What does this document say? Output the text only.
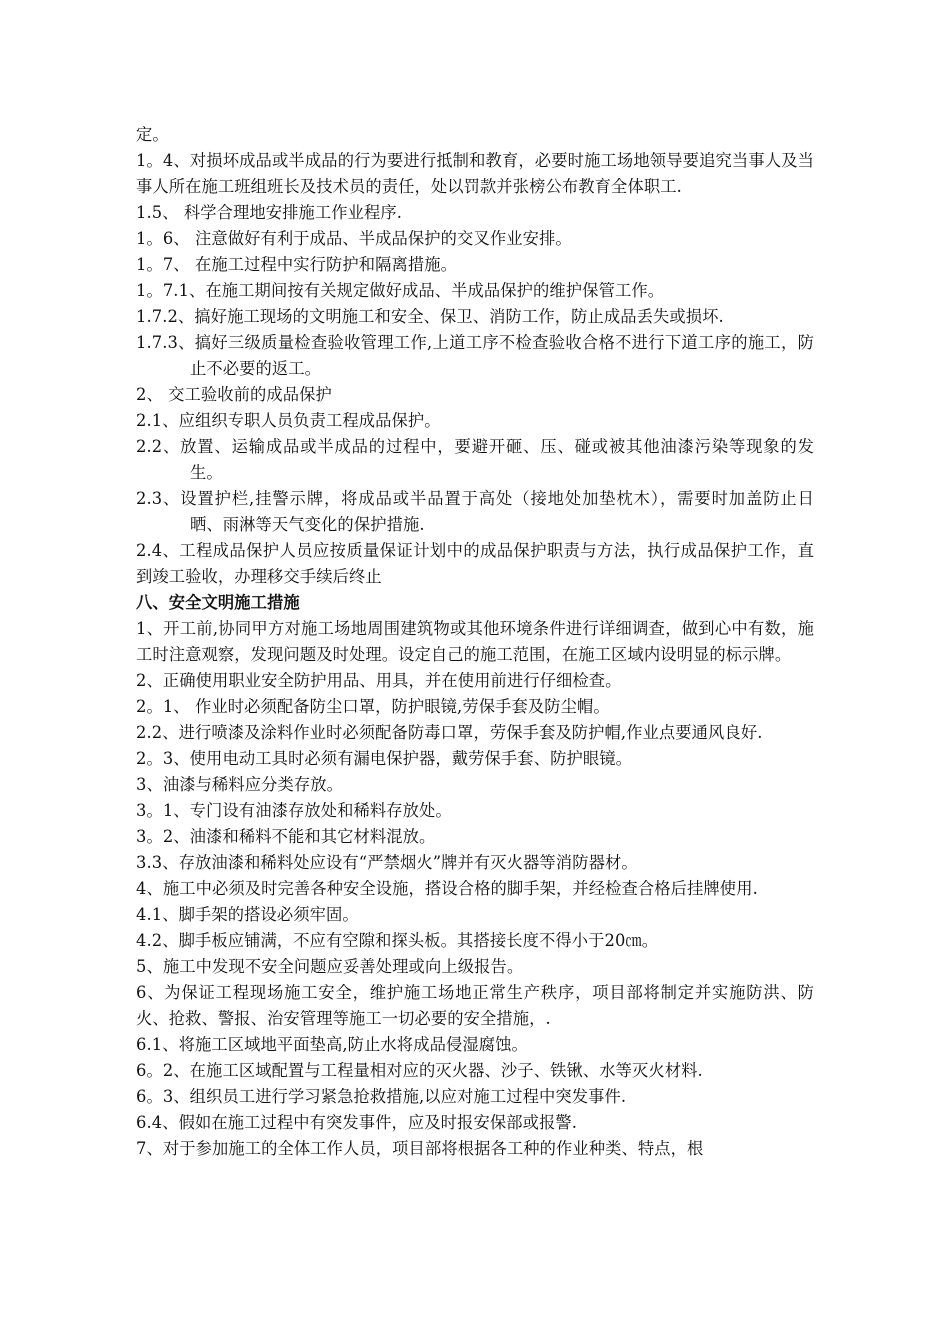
定。

1。4、对损坏成品或半成品的行为要进行抵制和教育，必要时施工场地领导要追究当事人及当事人所在施工班组班长及技术员的责任，处以罚款并张榜公布教育全体职工.

1.5、 科学合理地安排施工作业程序.

1。6、 注意做好有利于成品、半成品保护的交叉作业安排。

1。7、 在施工过程中实行防护和隔离措施。

1。7.1、在施工期间按有关规定做好成品、半成品保护的维护保管工作。

1.7.2、搞好施工现场的文明施工和安全、保卫、消防工作，防止成品丢失或损坏.

1.7.3、搞好三级质量检查验收管理工作,上道工序不检查验收合格不进行下道工序的施工，防止不必要的返工。

2、 交工验收前的成品保护

2.1、应组织专职人员负责工程成品保护。

2.2、放置、运输成品或半成品的过程中，要避开砸、压、碰或被其他油漆污染等现象的发生。

2.3、设置护栏,挂警示牌，将成品或半品置于高处（接地处加垫枕木），需要时加盖防止日晒、雨淋等天气变化的保护措施.

2.4、工程成品保护人员应按质量保证计划中的成品保护职责与方法，执行成品保护工作，直到竣工验收，办理移交手续后终止

八、安全文明施工措施

1、开工前,协同甲方对施工场地周围建筑物或其他环境条件进行详细调查，做到心中有数，施工时注意观察，发现问题及时处理。设定自己的施工范围，在施工区域内设明显的标示牌。

2、正确使用职业安全防护用品、用具，并在使用前进行仔细检查。

2。1、 作业时必须配备防尘口罩，防护眼镜,劳保手套及防尘帽。

2.2、进行喷漆及涂料作业时必须配备防毒口罩，劳保手套及防护帽,作业点要通风良好.

2。3、使用电动工具时必须有漏电保护器，戴劳保手套、防护眼镜。

3、油漆与稀料应分类存放。

3。1、专门设有油漆存放处和稀料存放处。

3。2、油漆和稀料不能和其它材料混放。

3.3、存放油漆和稀料处应设有“严禁烟火”牌并有灭火器等消防器材。

4、施工中必须及时完善各种安全设施，搭设合格的脚手架，并经检查合格后挂牌使用.

4.1、脚手架的搭设必须牢固。

4.2、脚手板应铺满，不应有空隙和探头板。其搭接长度不得小于20㎝。

5、施工中发现不安全问题应妥善处理或向上级报告。

6、为保证工程现场施工安全，维护施工场地正常生产秩序，项目部将制定并实施防洪、防火、抢救、警报、治安管理等施工一切必要的安全措施，.

6.1、将施工区域地平面垫高,防止水将成品侵湿腐蚀。

6。2、在施工区域配置与工程量相对应的灭火器、沙子、铁锹、水等灭火材料.

6。3、组织员工进行学习紧急抢救措施,以应对施工过程中突发事件.

6.4、假如在施工过程中有突发事件，应及时报安保部或报警.

7、对于参加施工的全体工作人员，项目部将根据各工种的作业种类、特点，根
